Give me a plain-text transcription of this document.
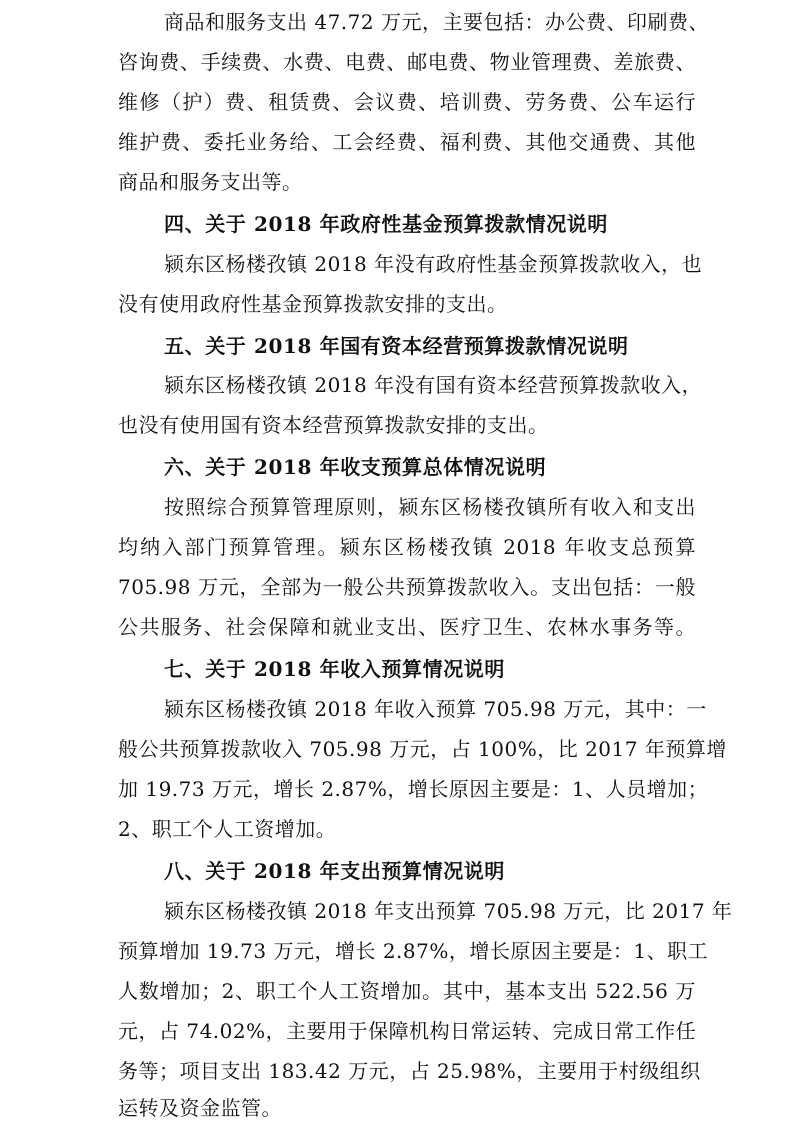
商品和服务支出 47.72 万元，主要包括：办公费、印刷费、
咨询费、手续费、水费、电费、邮电费、物业管理费、差旅费、
维修（护）费、租赁费、会议费、培训费、劳务费、公车运行
维护费、委托业务给、工会经费、福利费、其他交通费、其他
商品和服务支出等。
四、关于 2018 年政府性基金预算拨款情况说明
颍东区杨楼孜镇 2018 年没有政府性基金预算拨款收入，也
没有使用政府性基金预算拨款安排的支出。
五、关于 2018 年国有资本经营预算拨款情况说明
颍东区杨楼孜镇 2018 年没有国有资本经营预算拨款收入，
也没有使用国有资本经营预算拨款安排的支出。
六、关于 2018 年收支预算总体情况说明
按照综合预算管理原则，颍东区杨楼孜镇所有收入和支出
均纳入部门预算管理。颍东区杨楼孜镇 2018 年收支总预算
705.98 万元，全部为一般公共预算拨款收入。支出包括：一般
公共服务、社会保障和就业支出、医疗卫生、农林水事务等。
七、关于 2018 年收入预算情况说明
颍东区杨楼孜镇 2018 年收入预算 705.98 万元，其中：一
般公共预算拨款收入 705.98 万元，占 100%，比 2017 年预算增
加 19.73 万元，增长 2.87%，增长原因主要是：1、人员增加；
2、职工个人工资增加。
八、关于 2018 年支出预算情况说明
颍东区杨楼孜镇 2018 年支出预算 705.98 万元，比 2017 年
预算增加 19.73 万元，增长 2.87%，增长原因主要是：1、职工
人数增加；2、职工个人工资增加。其中，基本支出 522.56 万
元，占 74.02%，主要用于保障机构日常运转、完成日常工作任
务等；项目支出 183.42 万元，占 25.98%，主要用于村级组织
运转及资金监管。
